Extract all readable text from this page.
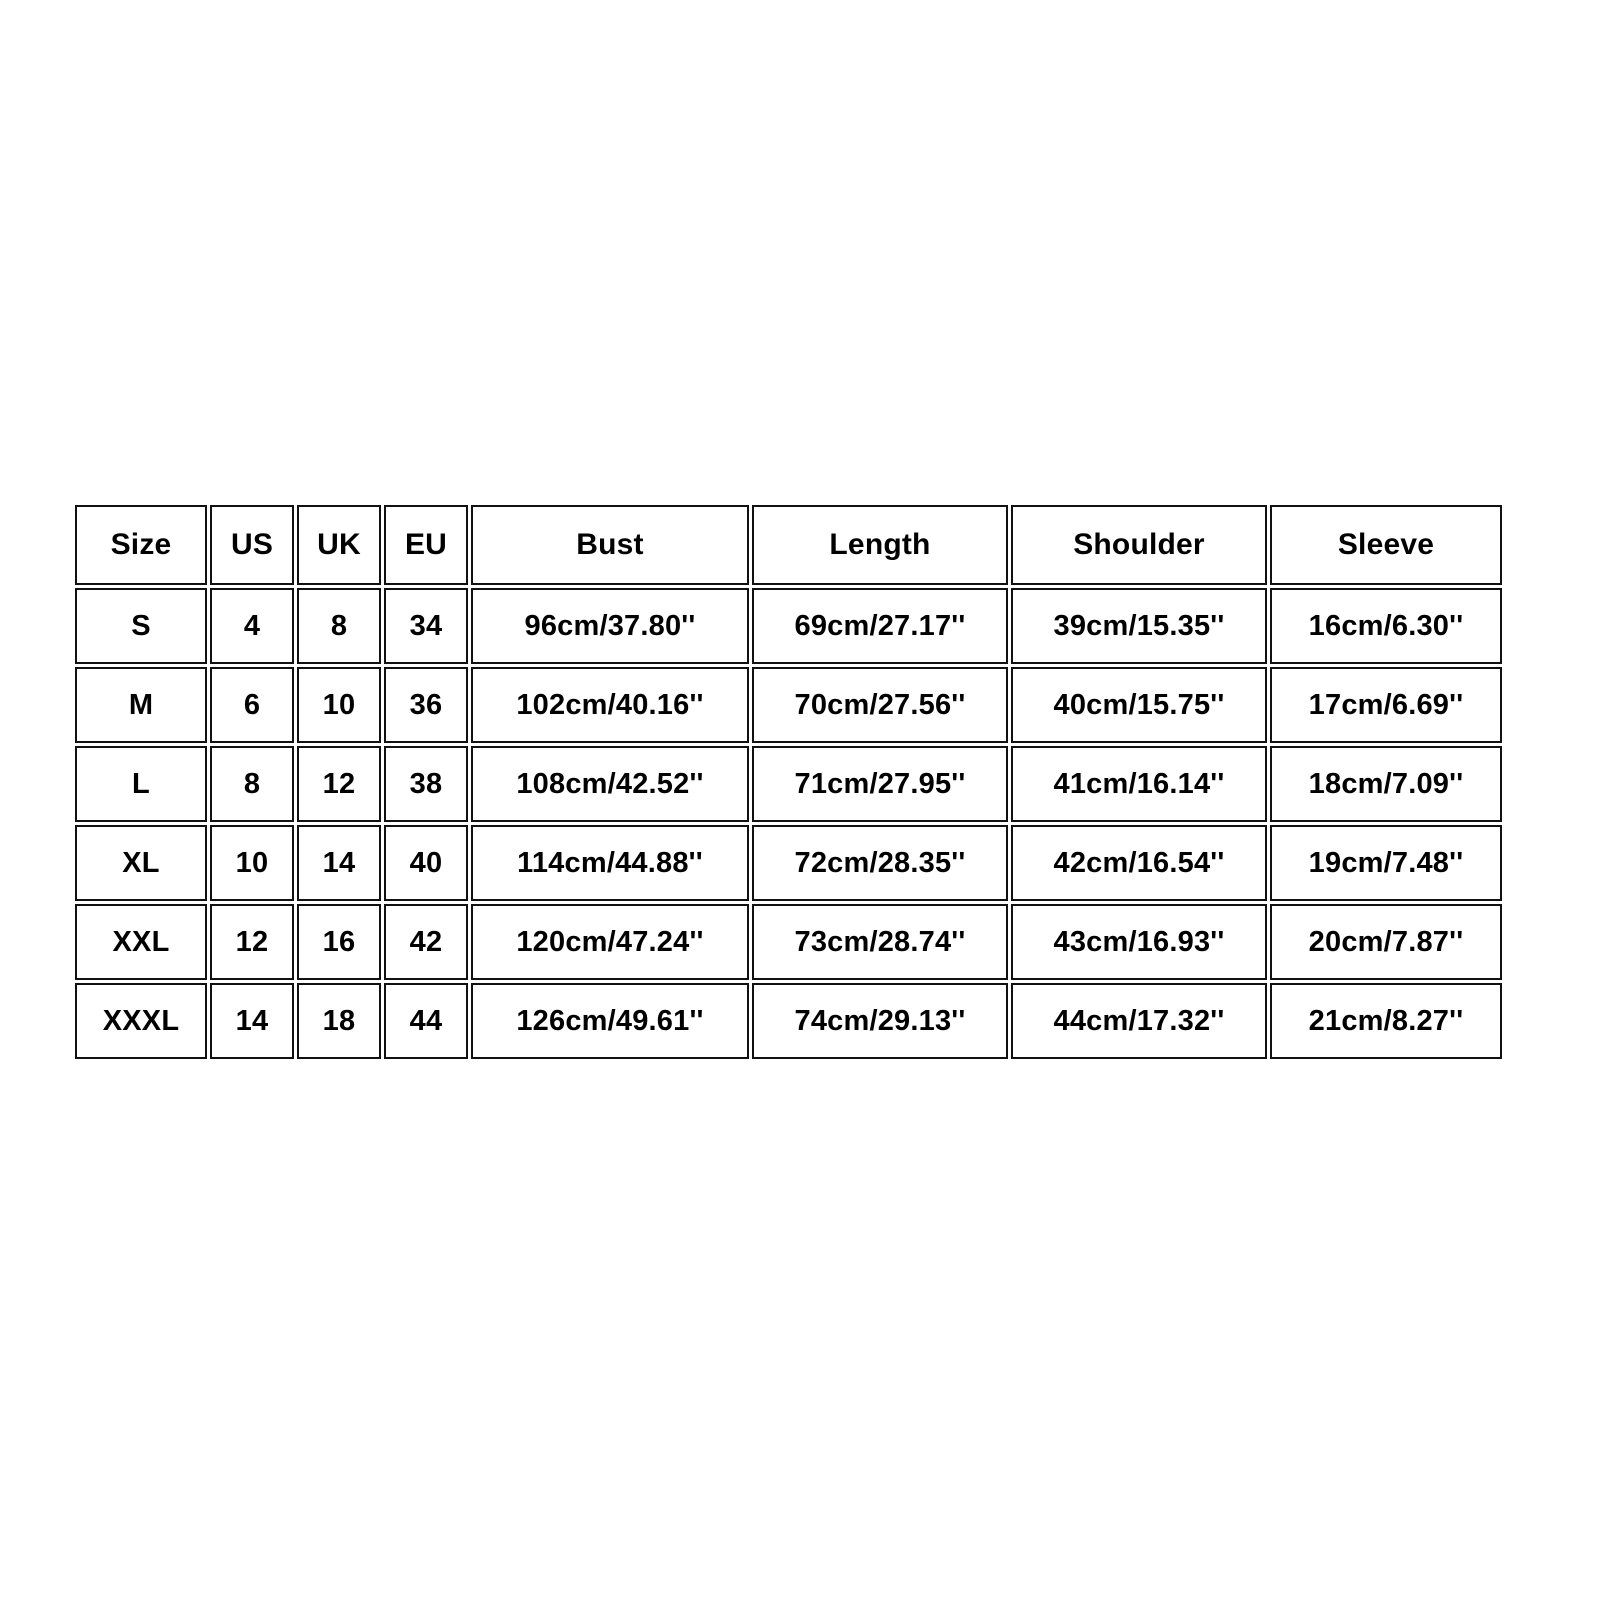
Size	US	UK	EU	Bust	Length	Shoulder	Sleeve
S	4	8	34	96cm/37.80''	69cm/27.17''	39cm/15.35''	16cm/6.30''
M	6	10	36	102cm/40.16''	70cm/27.56''	40cm/15.75''	17cm/6.69''
L	8	12	38	108cm/42.52''	71cm/27.95''	41cm/16.14''	18cm/7.09''
XL	10	14	40	114cm/44.88''	72cm/28.35''	42cm/16.54''	19cm/7.48''
XXL	12	16	42	120cm/47.24''	73cm/28.74''	43cm/16.93''	20cm/7.87''
XXXL	14	18	44	126cm/49.61''	74cm/29.13''	44cm/17.32''	21cm/8.27''
